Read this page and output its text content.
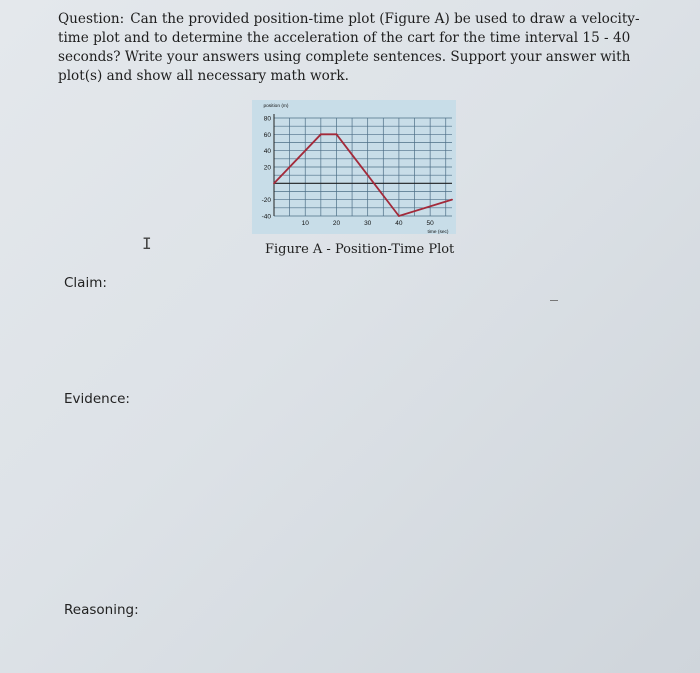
Question: Can the provided position-time plot (Figure A) be used to draw a velocity-time plot and to determine the acceleration of the cart for the time interval 15 - 40 seconds? Write your answers using complete sentences. Support your answer with plot(s) and show all necessary math work.
80
60
40
20
-20
-40
10	20	30	40	50
position (m)
time (sec)
Figure A - Position-Time Plot
I
Claim:
Evidence:
Reasoning:
